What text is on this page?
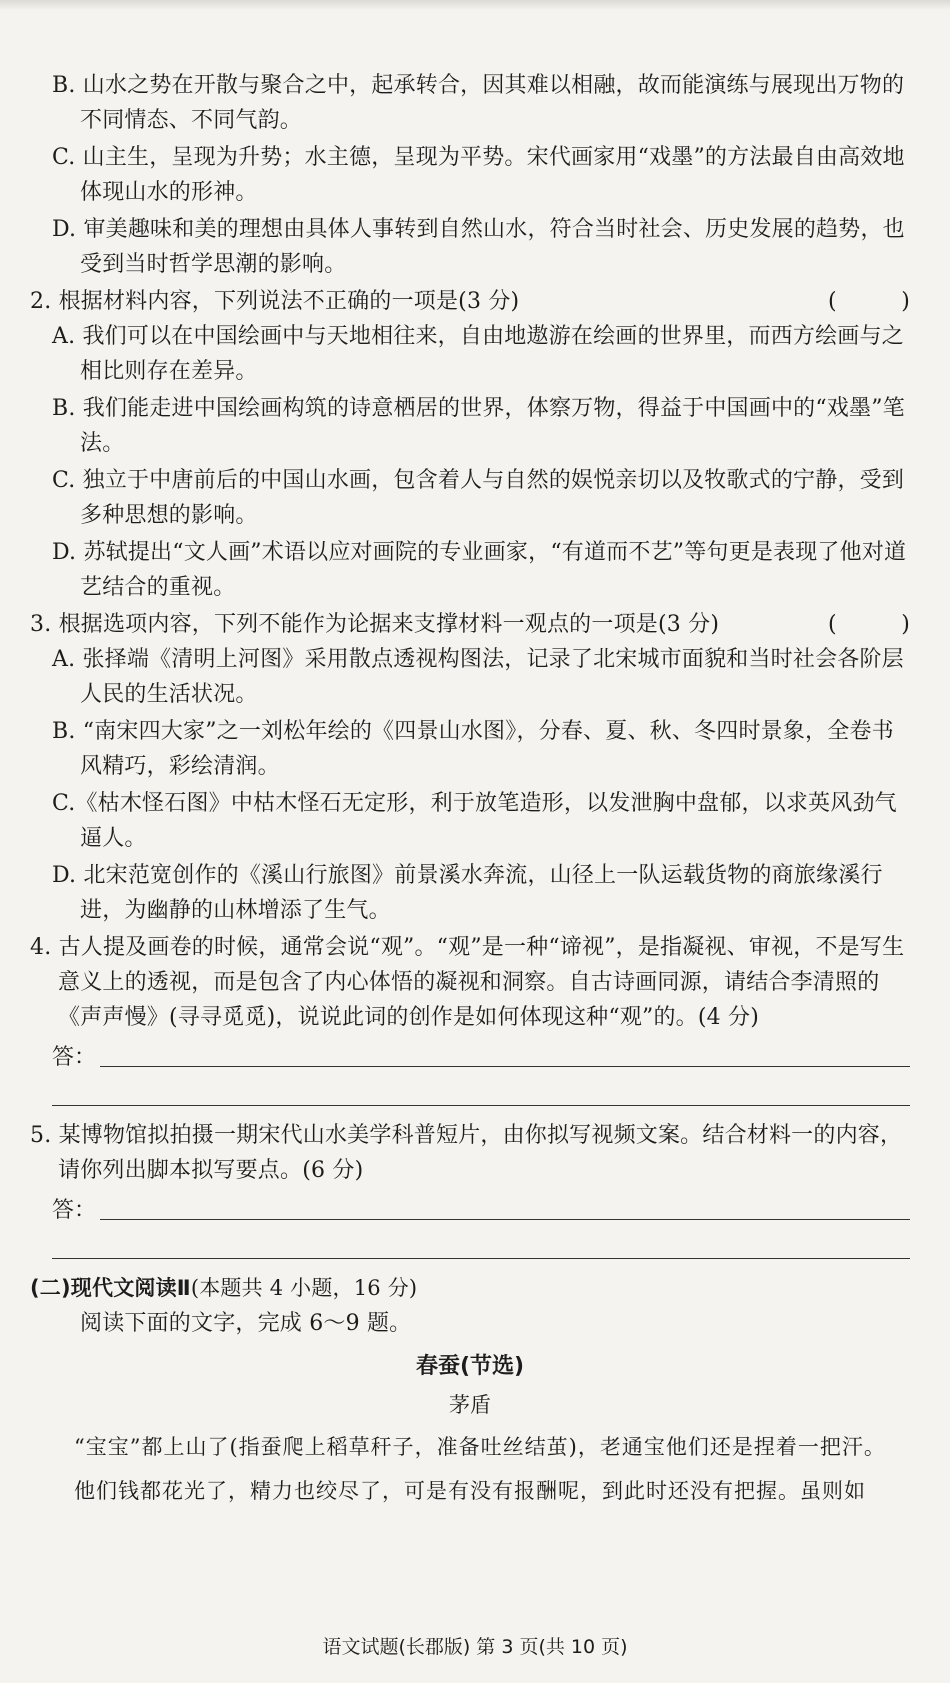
B. 山水之势在开散与聚合之中，起承转合，因其难以相融，故而能演练与展现出万物的不同情态、不同气韵。

C. 山主生，呈现为升势；水主德，呈现为平势。宋代画家用“戏墨”的方法最自由高效地体现山水的形神。

D. 审美趣味和美的理想由具体人事转到自然山水，符合当时社会、历史发展的趋势，也受到当时哲学思潮的影响。

(	)
2. 根据材料内容，下列说法不正确的一项是(3 分)

A. 我们可以在中国绘画中与天地相往来，自由地遨游在绘画的世界里，而西方绘画与之相比则存在差异。

B. 我们能走进中国绘画构筑的诗意栖居的世界，体察万物，得益于中国画中的“戏墨”笔法。

C. 独立于中唐前后的中国山水画，包含着人与自然的娱悦亲切以及牧歌式的宁静，受到多种思想的影响。

D. 苏轼提出“文人画”术语以应对画院的专业画家，“有道而不艺”等句更是表现了他对道艺结合的重视。

(	)
3. 根据选项内容，下列不能作为论据来支撑材料一观点的一项是(3 分)

A. 张择端《清明上河图》采用散点透视构图法，记录了北宋城市面貌和当时社会各阶层人民的生活状况。

B. “南宋四大家”之一刘松年绘的《四景山水图》，分春、夏、秋、冬四时景象，全卷书风精巧，彩绘清润。

C.《枯木怪石图》中枯木怪石无定形，利于放笔造形，以发泄胸中盘郁，以求英风劲气逼人。

D. 北宋范宽创作的《溪山行旅图》前景溪水奔流，山径上一队运载货物的商旅缘溪行进，为幽静的山林增添了生气。

4. 古人提及画卷的时候，通常会说“观”。“观”是一种“谛视”，是指凝视、审视，不是写生意义上的透视，而是包含了内心体悟的凝视和洞察。自古诗画同源，请结合李清照的《声声慢》(寻寻觅觅)，说说此词的创作是如何体现这种“观”的。(4 分)

答：

5. 某博物馆拟拍摄一期宋代山水美学科普短片，由你拟写视频文案。结合材料一的内容，请你列出脚本拟写要点。(6 分)

答：

(二)现代文阅读Ⅱ(本题共 4 小题，16 分)

阅读下面的文字，完成 6～9 题。

春蚕(节选)
茅盾

“宝宝”都上山了(指蚕爬上稻草秆子，准备吐丝结茧)，老通宝他们还是捏着一把汗。

他们钱都花光了，精力也绞尽了，可是有没有报酬呢，到此时还没有把握。虽则如

语文试题(长郡版) 第 3 页(共 10 页)
